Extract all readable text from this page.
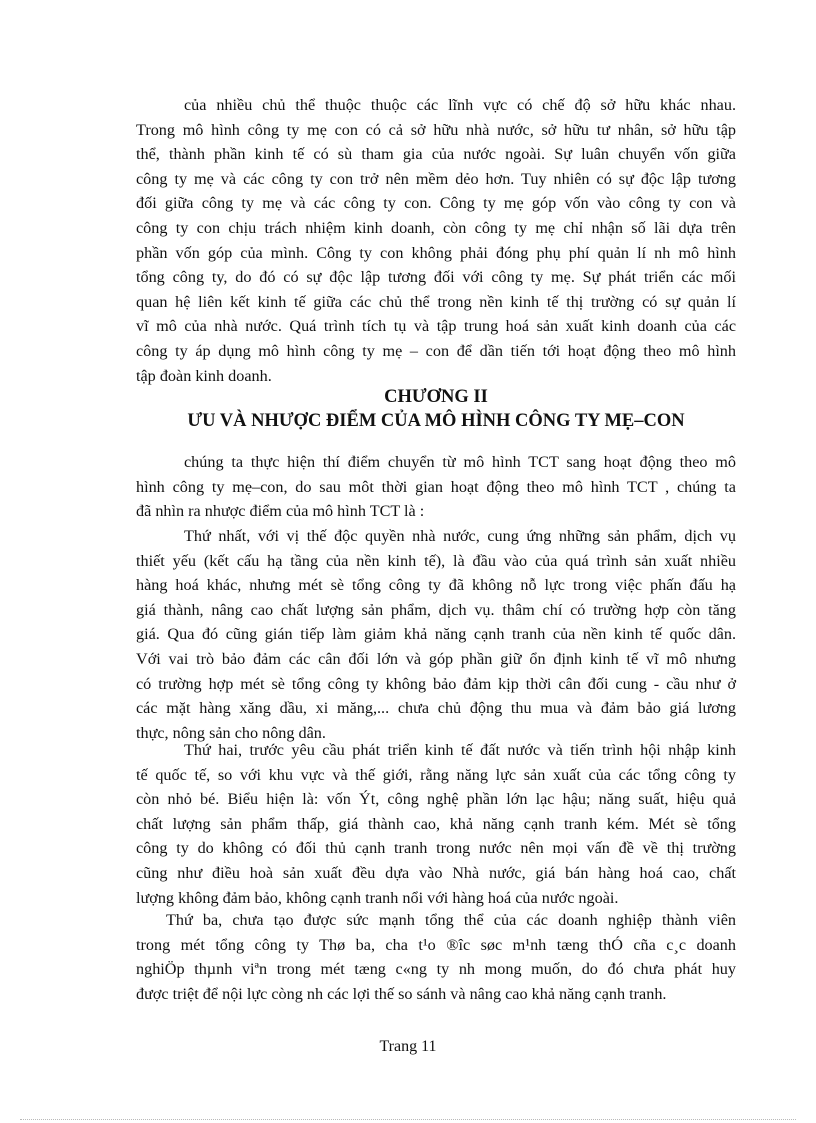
của nhiều chủ thể thuộc thuộc các lĩnh vực có chế độ sở hữu khác nhau.
Trong mô hình công ty mẹ con có cả sở hữu nhà nước, sở hữu tư nhân, sở hữu tập
thể, thành phần kinh tế có sù tham gia của nước ngoài. Sự luân chuyển vốn giữa
công ty mẹ và các công ty con trở nên mềm dẻo hơn. Tuy nhiên có sự độc lập tương
đối giữa công ty mẹ và các công ty con. Công ty mẹ góp vốn vào công ty con và
công ty con chịu trách nhiệm kinh doanh, còn công ty mẹ chỉ nhận số lãi dựa trên
phần vốn góp của mình. Công ty con không phải đóng phụ phí quản lí nh mô hình
tổng công ty, do đó có sự độc lập tương đối với công ty mẹ. Sự phát triển các mối
quan hệ liên kết kinh tế giữa các chủ thể trong nền kinh tế thị trường có sự quản lí
vĩ mô của nhà nước. Quá trình tích tụ và tập trung hoá sản xuất kinh doanh của các
công ty áp dụng mô hình công ty mẹ – con để dần tiến tới hoạt động theo mô hình
tập đoàn kinh doanh.
CHƯƠNG II
ƯU VÀ NHƯỢC ĐIỂM CỦA MÔ HÌNH CÔNG TY MẸ–CON
chúng ta thực hiện thí điểm chuyển từ mô hình TCT sang hoạt động theo mô
hình công ty mẹ–con, do sau môt thời gian hoạt động theo mô hình TCT , chúng ta
đã nhìn ra nhược điểm của mô hình TCT là :
Thứ nhất, với vị thế độc quyền nhà nước, cung ứng những sản phẩm, dịch vụ
thiết yếu (kết cấu hạ tầng của nền kinh tế), là đầu vào của quá trình sản xuất nhiều
hàng hoá khác, nhưng mét sè tổng công ty đã không nỗ lực trong việc phấn đấu hạ
giá thành, nâng cao chất lượng sản phẩm, dịch vụ. thâm chí có trường hợp còn tăng
giá. Qua đó cũng gián tiếp làm giảm khả năng cạnh tranh của nền kinh tế quốc dân.
Với vai trò bảo đảm các cân đối lớn và góp phần giữ ổn định kinh tế vĩ mô nhưng
có trường hợp mét sè tổng công ty không bảo đảm kịp thời cân đối cung - cầu như ở
các mặt hàng xăng dầu, xi măng,... chưa chủ động thu mua và đảm bảo giá lương
thực, nông sản cho nông dân.
Thứ hai, trước yêu cầu phát triển kinh tế đất nước và tiến trình hội nhập kinh
tế quốc tế, so với khu vực và thế giới, rằng năng lực sản xuất của các tổng công ty
còn nhỏ bé. Biểu hiện là: vốn Ýt, công nghệ phần lớn lạc hậu; năng suất, hiệu quả
chất lượng sản phẩm thấp, giá thành cao, khả năng cạnh tranh kém. Mét sè tổng
công ty do không có đối thủ cạnh tranh trong nước nên mọi vấn đề về thị trường
cũng như điều hoà sản xuất đều dựa vào Nhà nước, giá bán hàng hoá cao, chất
lượng không đảm bảo, không cạnh tranh nổi với hàng hoá của nước ngoài.
Thứ ba, chưa tạo được sức mạnh tổng thể của các doanh nghiệp thành viên
trong mét tổng công ty Thø ba, cha t¹o ®îc søc m¹nh tæng thÓ cña c¸c doanh
nghiÖp thµnh viªn trong mét tæng c«ng ty nh mong muốn, do đó chưa phát huy
được triệt để nội lực còng nh các lợi thế so sánh và nâng cao khả năng cạnh tranh.
Trang 11
